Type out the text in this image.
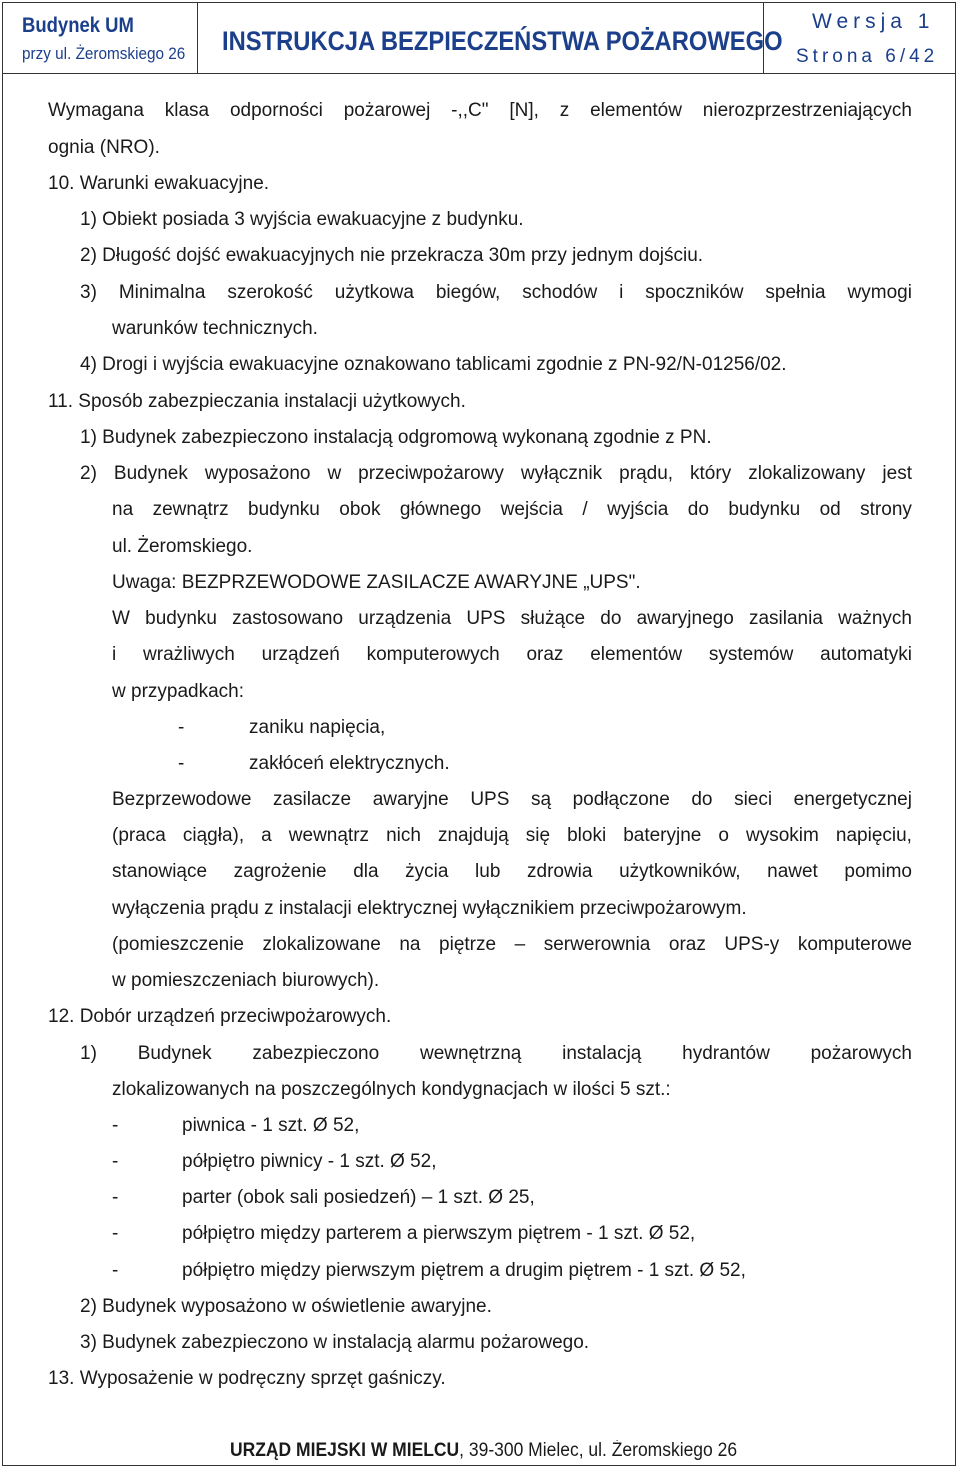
Budynek UM
przy ul. Żeromskiego 26 INSTRUKCJA BEZPIECZEŃSTWA POŻAROWEGO
Wersja 1
Strona 6/42
Wymagana klasa odporności pożarowej -,,C" [N], z elementów nierozprzestrzeniających
ognia (NRO).
10. Warunki ewakuacyjne.
1) Obiekt posiada 3 wyjścia ewakuacyjne z budynku.
2) Długość dojść ewakuacyjnych nie przekracza 30m przy jednym dojściu.
3) Minimalna szerokość użytkowa biegów, schodów i spoczników spełnia wymogi
warunków technicznych.
4) Drogi i wyjścia ewakuacyjne oznakowano tablicami zgodnie z PN-92/N-01256/02.
11. Sposób zabezpieczania instalacji użytkowych.
1) Budynek zabezpieczono instalacją odgromową wykonaną zgodnie z PN.
2) Budynek wyposażono w przeciwpożarowy wyłącznik prądu, który zlokalizowany jest
na zewnątrz budynku obok głównego wejścia / wyjścia do budynku od strony
ul. Żeromskiego.
Uwaga: BEZPRZEWODOWE ZASILACZE AWARYJNE „UPS".
W budynku zastosowano urządzenia UPS służące do awaryjnego zasilania ważnych
i wrażliwych urządzeń komputerowych oraz elementów systemów automatyki
w przypadkach:
-	zaniku napięcia,
-	zakłóceń elektrycznych.
Bezprzewodowe zasilacze awaryjne UPS są podłączone do sieci energetycznej
(praca ciągła), a wewnątrz nich znajdują się bloki bateryjne o wysokim napięciu,
stanowiące zagrożenie dla życia lub zdrowia użytkowników, nawet pomimo
wyłączenia prądu z instalacji elektrycznej wyłącznikiem przeciwpożarowym.
(pomieszczenie zlokalizowane na piętrze – serwerownia oraz UPS-y komputerowe
w pomieszczeniach biurowych).
12. Dobór urządzeń przeciwpożarowych.
1) Budynek zabezpieczono wewnętrzną instalacją hydrantów pożarowych
zlokalizowanych na poszczególnych kondygnacjach w ilości 5 szt.:
-	piwnica - 1 szt. Ø 52,
-	półpiętro piwnicy - 1 szt. Ø 52,
-	parter (obok sali posiedzeń) – 1 szt. Ø 25,
-	półpiętro między parterem a pierwszym piętrem - 1 szt. Ø 52,
-	półpiętro między pierwszym piętrem a drugim piętrem - 1 szt. Ø 52,
2) Budynek wyposażono w oświetlenie awaryjne.
3) Budynek zabezpieczono w instalacją alarmu pożarowego.
13. Wyposażenie w podręczny sprzęt gaśniczy.
URZĄD MIEJSKI W MIELCU, 39-300 Mielec, ul. Żeromskiego 26
